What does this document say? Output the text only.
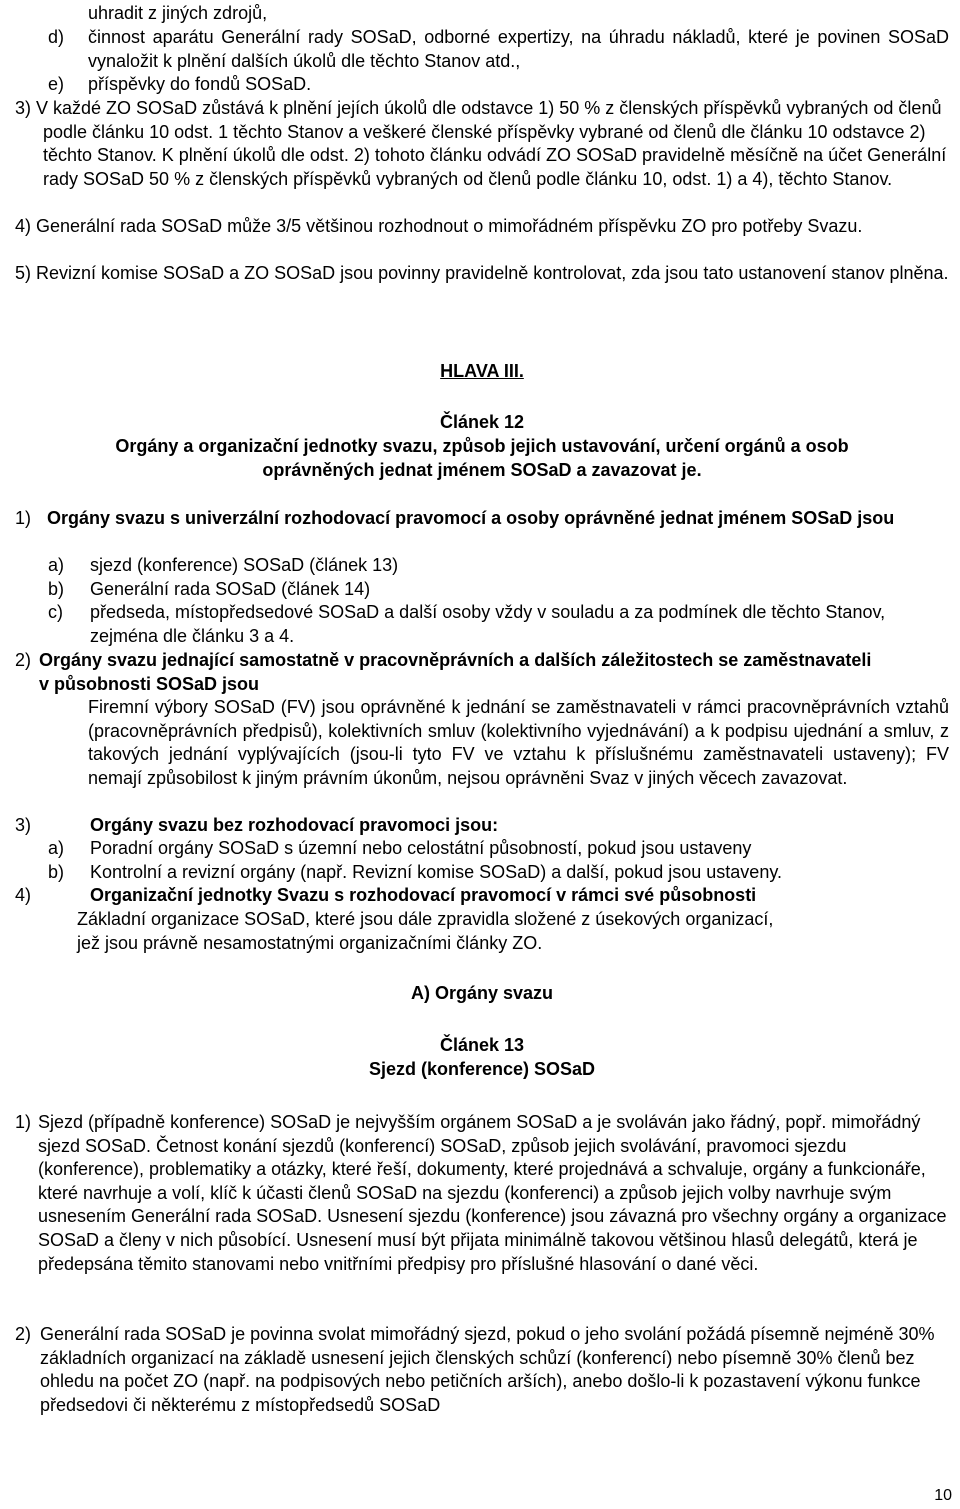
uhradit z jiných zdrojů,
d) činnost aparátu Generální rady SOSaD, odborné expertizy, na úhradu nákladů, které je povinen SOSaD vynaložit k plnění dalších úkolů dle těchto Stanov atd.,
e) příspěvky do fondů SOSaD.
3) V každé ZO SOSaD zůstává k plnění jejích úkolů dle odstavce 1) 50 % z členských příspěvků vybraných od členů podle článku 10 odst. 1 těchto Stanov a veškeré členské příspěvky vybrané od členů dle článku 10 odstavce 2) těchto Stanov. K plnění úkolů dle odst. 2) tohoto článku odvádí ZO SOSaD pravidelně měsíčně na účet Generální rady SOSaD 50 % z členských příspěvků vybraných od členů podle článku 10, odst. 1) a 4), těchto Stanov.
4) Generální rada SOSaD může 3/5 většinou rozhodnout o mimořádném příspěvku ZO pro potřeby Svazu.
5) Revizní komise SOSaD a ZO SOSaD jsou povinny pravidelně kontrolovat, zda jsou tato ustanovení stanov plněna.
HLAVA III.
Článek 12
Orgány a organizační jednotky svazu, způsob jejich ustavování, určení orgánů a osob oprávněných jednat jménem SOSaD a zavazovat je.
1) Orgány svazu s univerzální rozhodovací pravomocí a osoby oprávněné jednat jménem SOSaD jsou
a) sjezd (konference) SOSaD (článek 13)
b) Generální rada SOSaD (článek 14)
c) předseda, místopředsedové SOSaD a další osoby vždy v souladu a za podmínek dle těchto Stanov, zejména dle článku 3 a 4.
2) Orgány svazu jednající samostatně v pracovněprávních a dalších záležitostech se zaměstnavateli v působnosti SOSaD jsou
Firemní výbory SOSaD (FV) jsou oprávněné k jednání se zaměstnavateli v rámci pracovněprávních vztahů (pracovněprávních předpisů), kolektivních smluv (kolektivního vyjednávání) a k podpisu ujednání a smluv, z takových jednání vyplývajících (jsou-li tyto FV ve vztahu k příslušnému zaměstnavateli ustaveny); FV nemají způsobilost k jiným právním úkonům, nejsou oprávněni Svaz v jiných věcech zavazovat.
3)	Orgány svazu bez rozhodovací pravomoci jsou:
a) Poradní orgány SOSaD s územní nebo celostátní působností, pokud jsou ustaveny
b) Kontrolní a revizní orgány (např. Revizní komise SOSaD) a další, pokud jsou ustaveny.
4)	Organizační jednotky Svazu s rozhodovací pravomocí v rámci své působnosti
Základní organizace SOSaD, které jsou dále zpravidla složené z úsekových organizací, jež jsou právně nesamostatnými organizačními články ZO.
A) Orgány svazu
Článek 13
Sjezd (konference) SOSaD
1) Sjezd (případně konference) SOSaD je nejvyšším orgánem SOSaD a je svoláván jako řádný, popř. mimořádný sjezd SOSaD. Četnost konání sjezdů (konferencí) SOSaD, způsob jejich svolávání, pravomoci sjezdu (konference), problematiky a otázky, které řeší, dokumenty, které projednává a schvaluje, orgány a funkcionáře, které navrhuje a volí, klíč k účasti členů SOSaD na sjezdu (konferenci) a způsob jejich volby navrhuje svým usnesením Generální rada SOSaD. Usnesení sjezdu (konference) jsou závazná pro všechny orgány a organizace SOSaD a členy v nich působící. Usnesení musí být přijata minimálně takovou většinou hlasů delegátů, která je předepsána těmito stanovami nebo vnitřními předpisy pro příslušné hlasování o dané věci.
2) Generální rada SOSaD je povinna svolat mimořádný sjezd, pokud o jeho svolání požádá písemně nejméně 30% základních organizací na základě usnesení jejich členských schůzí (konferencí) nebo písemně 30% členů bez ohledu na počet ZO (např. na podpisových nebo petičních arších), anebo došlo-li k pozastavení výkonu funkce předsedovi či některému z místopředsedů SOSaD
10
